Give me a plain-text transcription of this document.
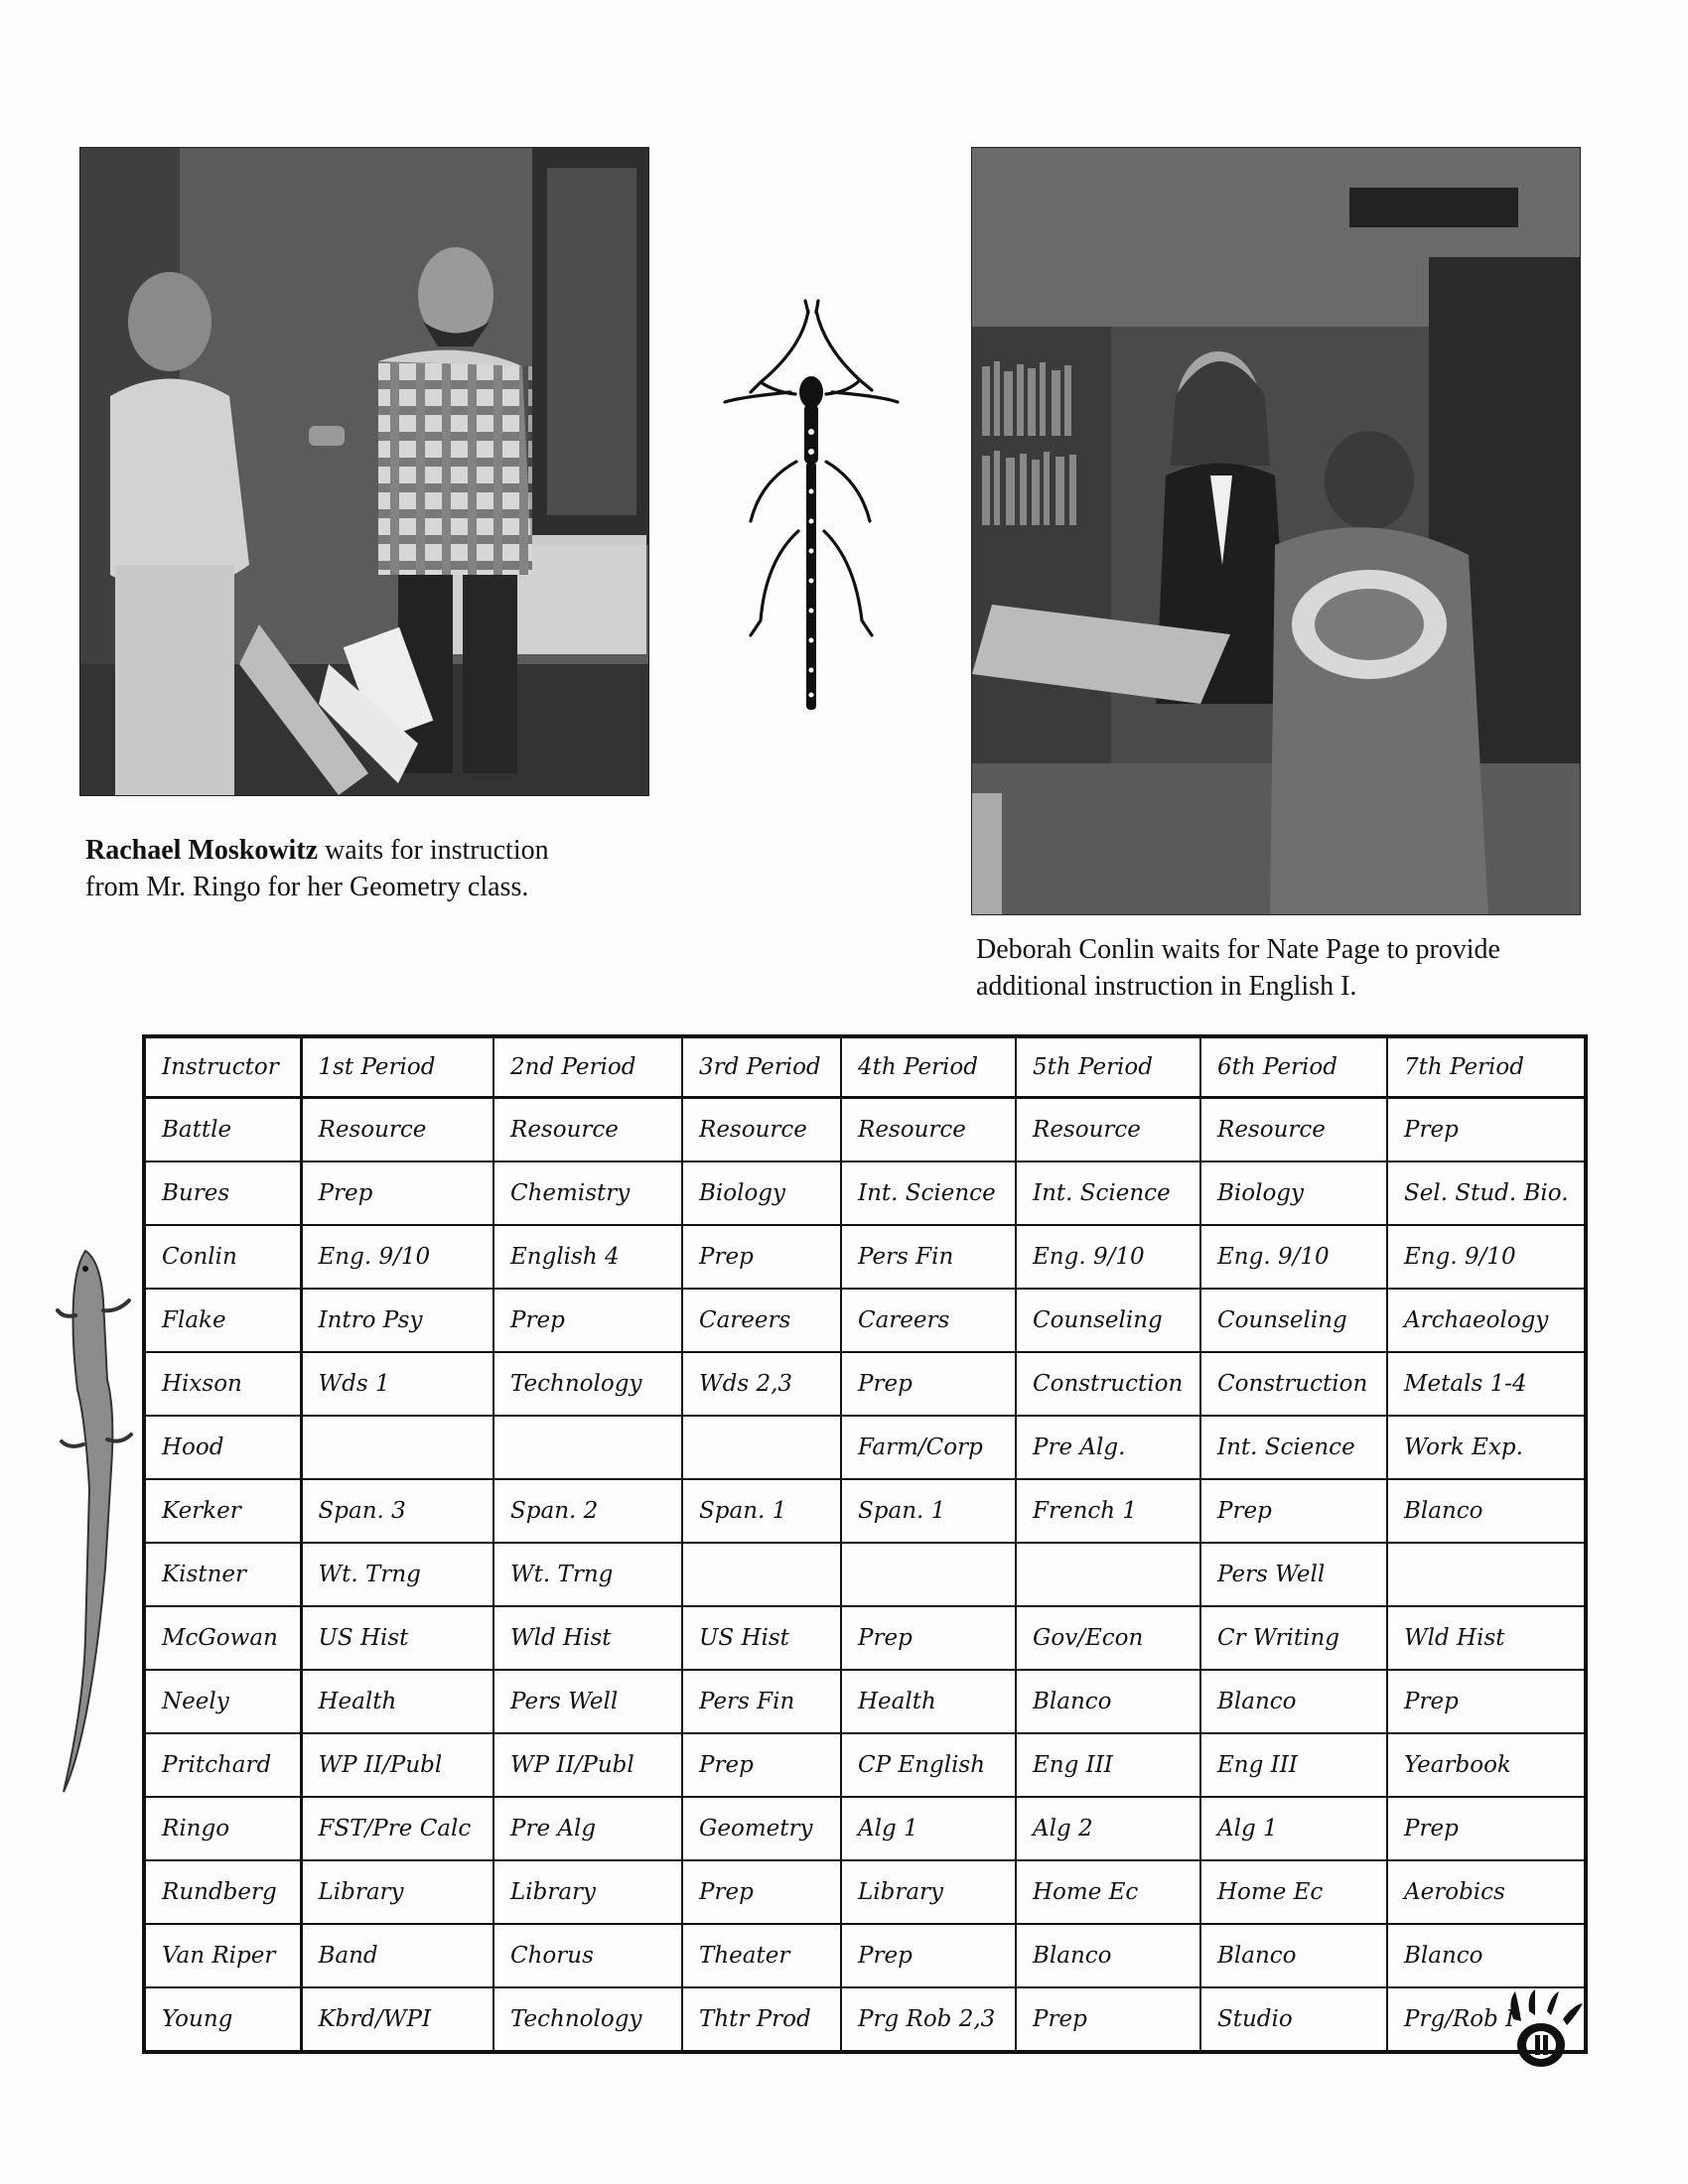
Rachael Moskowitz waits for instruction
from Mr. Ringo for her Geometry class.
Deborah Conlin waits for Nate Page to provide
additional instruction in English I.
Instructor	1st Period	2nd Period	3rd Period	4th Period	5th Period	6th Period	7th Period
Battle	Resource	Resource	Resource	Resource	Resource	Resource	Prep
Bures	Prep	Chemistry	Biology	Int. Science	Int. Science	Biology	Sel. Stud. Bio.
Conlin	Eng. 9/10	English 4	Prep	Pers Fin	Eng. 9/10	Eng. 9/10	Eng. 9/10
Flake	Intro Psy	Prep	Careers	Careers	Counseling	Counseling	Archaeology
Hixson	Wds 1	Technology	Wds 2,3	Prep	Construction	Construction	Metals 1-4
Hood				Farm/Corp	Pre Alg.	Int. Science	Work Exp.
Kerker	Span. 3	Span. 2	Span. 1	Span. 1	French 1	Prep	Blanco
Kistner	Wt. Trng	Wt. Trng				Pers Well	
McGowan	US Hist	Wld Hist	US Hist	Prep	Gov/Econ	Cr Writing	Wld Hist
Neely	Health	Pers Well	Pers Fin	Health	Blanco	Blanco	Prep
Pritchard	WP II/Publ	WP II/Publ	Prep	CP English	Eng III	Eng III	Yearbook
Ringo	FST/Pre Calc	Pre Alg	Geometry	Alg 1	Alg 2	Alg 1	Prep
Rundberg	Library	Library	Prep	Library	Home Ec	Home Ec	Aerobics
Van Riper	Band	Chorus	Theater	Prep	Blanco	Blanco	Blanco
Young	Kbrd/WPI	Technology	Thtr Prod	Prg Rob 2,3	Prep	Studio	Prg/Rob I
